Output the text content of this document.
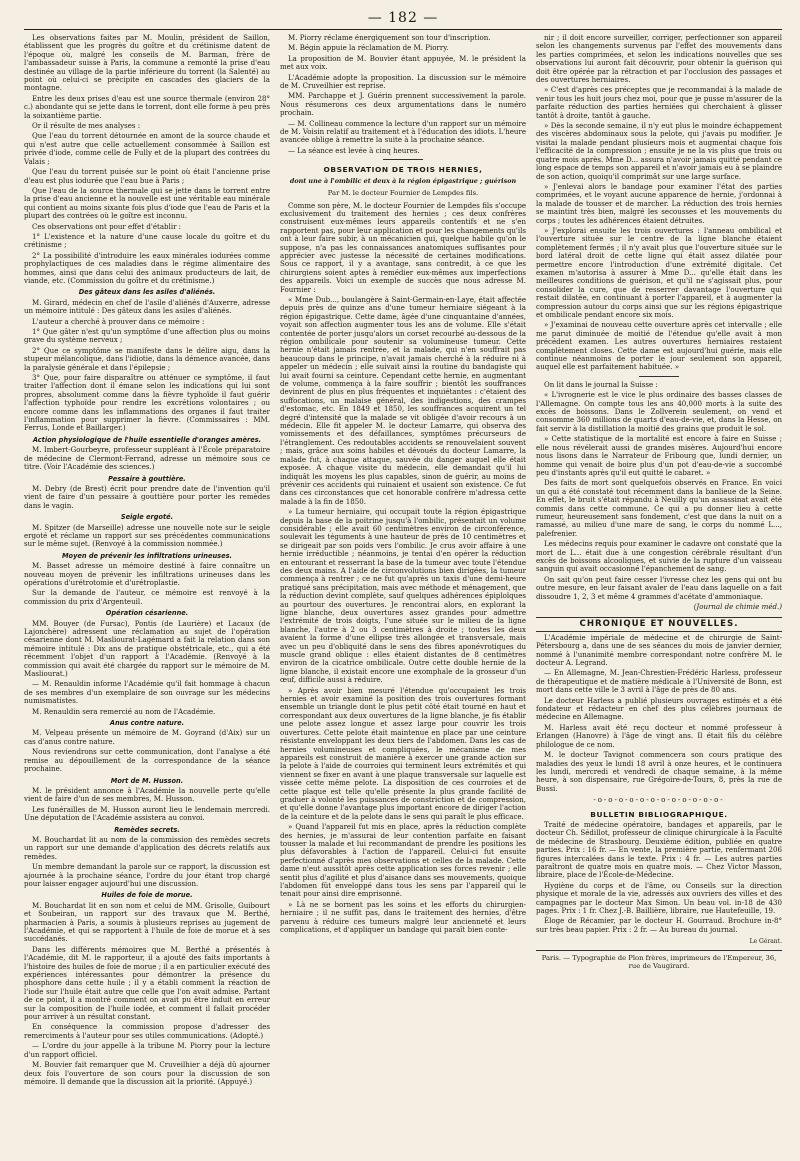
— 182 —

Les observations faites par M. Moulin, président de Saillon, établissent que les progrès du goître et du crétinisme datent de l'époque où, malgré les conseils de M. Barman, frère de l'ambassadeur suisse à Paris, la commune a remonté la prise d'eau destinée au village de la partie inférieure du torrent (la Salenté) au point où celui-ci se précipite en cascades des glaciers de la montagne.

Entre les deux prises d'eau est une source thermale (environ 28° c.) abondante qui se jette dans le torrent, dont elle forme à peu près la soixantième partie.

Or il résulte de mes analyses :

Que l'eau du torrent détournée en amont de la source chaude et qui n'est autre que celle actuellement consommée à Saillon est privée d'iode, comme celle de Fully et de la plupart des contrées du Valais ;

Que l'eau du torrent puisée sur le point où était l'ancienne prise d'eau est plus iodurée que l'eau bue à Paris ;

Que l'eau de la source thermale qui se jette dans le torrent entre la prise d'eau ancienne et la nouvelle est une véritable eau minérale qui contient au moins sixante fois plus d'iode que l'eau de Paris et la plupart des contrées où le goître est inconnu.

Ces observations ont pour effet d'établir :

1° L'existence et la nature d'une cause locale du goître et du crétinisme ;

2° La possibilité d'introduire les eaux minérales iodurées comme prophylactiques de ces maladies dans le régime alimentaire des hommes, ainsi que dans celui des animaux producteurs de lait, de viande, etc. (Commission du goître et du crétinisme.)

Des gâteux dans les asiles d'aliénés.

M. Girard, médecin en chef de l'asile d'aliénés d'Auxerre, adresse un mémoire intitulé : Des gâteux dans les asiles d'aliénés.

L'auteur a cherché à prouver dans ce mémoire :

1° Que gâter n'est qu'un symptôme d'une affection plus ou moins grave du système nerveux ;

2° Que ce symptôme se manifeste dans le délire aigu, dans la stupeur mélancolique, dans l'idiotie, dans la démence avancée, dans la paralysie générale et dans l'épilepsie ;

3° Que, pour faire disparaître ou atténuer ce symptôme, il faut traiter l'affection dont il émane selon les indications qui lui sont propres, absolument comme dans la fièvre typhoïde il faut guérir l'affection typhoïde pour rendre les excrétions volontaires ; ou encore comme dans les inflammations des organes il faut traiter l'inflammation pour supprimer la fièvre. (Commissaires : MM. Ferrus, Londe et Baillarger.)

Action physiologique de l'huile essentielle d'oranges amères.

M. Imbert-Gourbeyre, professeur suppléant à l'École préparatoire de médecine de Clermont-Ferrand, adresse un mémoire sous ce titre. (Voir l'Académie des sciences.)

Pessaire à gouttière.

M. Debry (de Brest) écrit pour prendre date de l'invention qu'il vient de faire d'un pessaire à gouttière pour porter les remèdes dans le vagin.

Seigle ergoté.

M. Spitzer (de Marseille) adresse une nouvelle note sur le seigle ergoté et réclame un rapport sur ses précédentes communications sur le même sujet. (Renvoyé à la commission nommée.)

Moyen de prévenir les infiltrations urineuses.

M. Basset adresse un mémoire destiné à faire connaître un nouveau moyen de prévenir les infiltrations urineuses dans les opérations d'urétrotomie et d'urétroplastie.

Sur la demande de l'auteur, ce mémoire est renvoyé à la commission du prix d'Argenteuil.

Opération césarienne.

MM. Bouyer (de Fursac), Pontis (de Laurière) et Lacaux (de Lajonchère) adressent une réclamation au sujet de l'opération césarienne dont M. Masliourat-Lagémard a fait la relation dans son mémoire intitulé : Dix ans de pratique obstétricale, etc., qui a été récemment l'objet d'un rapport à l'Académie. (Renvoyé à la commission qui avait été chargée du rapport sur le mémoire de M. Masliourat.)

— M. Renauldin informe l'Académie qu'il fait hommage à chacun de ses membres d'un exemplaire de son ouvrage sur les médecins numismatistes.

M. Renauldin sera remercié au nom de l'Académie.

Anus contre nature.

M. Velpeau présente un mémoire de M. Goyrand (d'Aix) sur un cas d'anus contre nature.

Nous reviendrons sur cette communication, dont l'analyse a été remise au dépouillement de la correspondance de la séance prochaine.

Mort de M. Husson.

M. le président annonce à l'Académie la nouvelle perte qu'elle vient de faire d'un de ses membres, M. Husson.

Les funérailles de M. Husson auront lieu le lendemain mercredi. Une députation de l'Académie assistera au convoi.

Remèdes secrets.

M. Bouchardat lit au nom de la commission des remèdes secrets un rapport sur une demande d'application des décrets relatifs aux remèdes.

Un membre demandant la parole sur ce rapport, la discussion est ajournée à la prochaine séance, l'ordre du jour étant trop chargé pour laisser engager aujourd'hui une discussion.

Huiles de foie de morue.

M. Bouchardat lit en son nom et celui de MM. Grisolle, Guibourt et Soubeiran, un rapport sur des travaux que M. Berthé, pharmacien à Paris, a soumis à plusieurs reprises au jugement de l'Académie, et qui se rapportent à l'huile de foie de morue et à ses succédanés.

Dans les différents mémoires que M. Berthé a présentés à l'Académie, dit M. le rapporteur, il a ajouté des faits importants à l'histoire des huiles de foie de morue ; il a en particulier exécuté des expériences intéressantes pour démontrer la présence du phosphore dans cette huile ; il y a établi comment la réaction de l'iode sur l'huile était autre que celle que l'on avait admise. Partant de ce point, il a montré comment on avait pu être induit en erreur sur la composition de l'huile iodée, et comment il fallait procéder pour arriver à un résultat constant.

En conséquence la commission propose d'adresser des remerciments à l'auteur pour ses utiles communications. (Adopté.)

— L'ordre du jour appelle à la tribune M. Piorry pour la lecture d'un rapport officiel.

M. Bouvier fait remarquer que M. Cruveilhier a déjà dû ajourner deux fois l'ouverture de son cours pour la discussion de son mémoire. Il demande que la discussion ait la priorité. (Appuyé.)

M. Piorry réclame énergiquement son tour d'inscription.

M. Bégin appuie la réclamation de M. Piorry.

La proposition de M. Bouvier étant appuyée, M. le président la met aux voix.

L'Académie adopte la proposition. La discussion sur le mémoire de M. Cruveilhier est reprise.

MM. Parchappe et J. Guérin prennent successivement la parole. Nous résumerons ces deux argumentations dans le numéro prochain.

— M. Collineau commence la lecture d'un rapport sur un mémoire de M. Voisin relatif au traitement et à l'éducation des idiots. L'heure avancée oblige à remettre la suite à la prochaine séance.

— La séance est levée à cinq heures.

OBSERVATION DE TROIS HERNIES,
dont une à l'ombilic et deux à la région épigastrique ; guérison
Par M. le docteur Fournier de Lempdes fils.

Comme son père, M. le docteur Fournier de Lempdes fils s'occupe exclusivement du traitement des hernies ; ces deux confrères construisent eux-mêmes leurs appareils contentifs et ne s'en rapportent pas, pour leur application et pour les changements qu'ils ont à leur faire subir, à un mécanicien qui, quelque habile qu'on le suppose, n'a pas les connaissances anatomiques suffisantes pour apprécier avec justesse la nécessité de certaines modifications. Sous ce rapport, il y a avantage, sans contredit, à ce que les chirurgiens soient aptes à remédier eux-mêmes aux imperfections des appareils. Voici un exemple de succès que nous adresse M. Fournier :

« Mme Dub..., boulangère à Saint-Germain-en-Laye, était affectée depuis près de quinze ans d'une tumeur herniaire siégeant à la région épigastrique. Cette dame, âgée d'une cinquantaine d'années, voyait son affection augmenter tous les ans de volume. Elle s'était contentée de porter jusqu'alors un corset recourbé au-dessous de la région ombilicale pour soutenir sa volumineuse tumeur. Cette hernie n'était jamais rentrée, et la malade, qui n'en souffrait pas beaucoup dans le principe, n'avait jamais cherché à la réduire ni à appeler un médecin ; elle suivait ainsi la routine du bandagiste qui lui avait fourni sa ceinture. Cependant cette hernie, en augmentant de volume, commença à la faire souffrir ; bientôt les souffrances devinrent de plus en plus fréquentes et inquiétantes : c'étaient des suffocations, un malaise général, des indigestions, des crampes d'estomac, etc. En 1849 et 1850, les souffrances acquirent un tel degré d'intensité que la malade se vit obligée d'avoir recours à un médecin. Elle fit appeler M. le docteur Lamarre, qui observa des vomissements et des défaillances, symptômes précurseurs de l'étranglement. Ces redoutables accidents se renouvelaient souvent ; mais, grâce aux soins habiles et dévoués du docteur Lamarre, la malade fut, à chaque attaque, sauvée du danger auquel elle était exposée. A chaque visite du médecin, elle demandait qu'il lui indiquât les moyens les plus capables, sinon de guérir, au moins de prévenir ces accidents qui ruinaient et usaient son existence. Ce fut dans ces circonstances que cet honorable confrère m'adressa cette malade à la fin de 1850.

» La tumeur herniaire, qui occupait toute la région épigastrique depuis la base de la poitrine jusqu'à l'ombilic, présentait un volume considérable ; elle avait 60 centimètres environ de circonférence, soulevait les téguments à une hauteur de près de 10 centimètres et se dirigeait par son poids vers l'ombilic. Je crus avoir affaire à une hernie irréductible ; néanmoins, je tentai d'en opérer la réduction en entourant et resserrant la base de la tumeur avec toute l'étendue des deux mains. A l'aide de circonvolutions bien dirigées, la tumeur commença à rentrer ; ce ne fut qu'après un taxis d'une demi-heure pratiqué sans précipitation, mais avec méthode et ménagement, que la réduction devint complète, sauf quelques adhérences épiploïques au pourtour des ouvertures. Je rencontrai alors, en explorant la ligne blanche, deux ouvertures assez grandes pour admettre l'extrémité de trois doigts, l'une située sur le milieu de la ligne blanche, l'autre à 2 ou 3 centimètres à droite ; toutes les deux avaient la forme d'une ellipse très allongée et transversale, mais avec un peu d'obliquité dans le sens des fibres aponévrotiques du muscle grand oblique : elles étaient distantes de 8 centimètres environ de la cicatrice ombilicale. Outre cette double hernie de la ligne blanche, il existait encore une exomphale de la grosseur d'un œuf, difficile aussi à réduire.

» Après avoir bien mesuré l'étendue qu'occupaient les trois hernies et avoir examiné la position des trois ouvertures formant ensemble un triangle dont le plus petit côté était tourné en haut et correspondant aux deux ouvertures de la ligne blanche, je fis établir une pelote assez longue et assez large pour couvrir les trois ouvertures. Cette pelote était maintenue en place par une ceinture résistante enveloppant les deux tiers de l'abdomen. Dans les cas de hernies volumineuses et compliquées, le mécanisme de mes appareils est construit de manière à exercer une grande action sur la pelote à l'aide de courroies qui terminent leurs extrémités et qui viennent se fixer en avant à une plaque transversale sur laquelle est vissée cette même pelote. La disposition de ces courroies et de cette plaque est telle qu'elle présente la plus grande facilité de graduer à volonté les puissances de constriction et de compression, et qu'elle donne l'avantage plus important encore de diriger l'action de la ceinture et de la pelote dans le sens qui paraît le plus efficace.

» Quand l'appareil fut mis en place, après la réduction complète des hernies, je m'assurai de leur contention parfaite en faisant tousser la malade et lui recommandant de prendre les positions les plus défavorables à l'action de l'appareil. Celui-ci fut ensuite perfectionné d'après mes observations et celles de la malade. Cette dame n'eut aussitôt après cette application ses forces revenir ; elle sentit plus d'agilité et plus d'aisance dans ses mouvements, quoique l'abdomen fût enveloppé dans tous les sens par l'appareil qui le tenait pour ainsi dire emprisonné.

» Là ne se bornent pas les soins et les efforts du chirurgien-herniaire ; il ne suffit pas, dans le traitement des hernies, d'être parvenu à réduire ces tumeurs malgré leur ancienneté et leurs complications, et d'appliquer un bandage qui paraît bien conte-

nir ; il doit encore surveiller, corriger, perfectionner son appareil selon les changements survenus par l'effet des mouvements dans les parties comprimées, et selon les indications nouvelles que ses observations lui auront fait découvrir, pour obtenir la guérison qui doit être opérée par la rétraction et par l'occlusion des passages et des ouvertures herniaires.

» C'est d'après ces préceptes que je recommandai à la malade de venir tous les huit jours chez moi, pour que je pusse m'assurer de la parfaite réduction des parties herniées qui cherchaient à glisser tantôt à droite, tantôt à gauche.

» Dès la seconde semaine, il n'y eut plus le moindre échappement des viscères abdominaux sous la pelote, qui j'avais pu modifier. Je visitai la malade pendant plusieurs mois et augmentai chaque fois l'efficacité de la compression ; ensuite je ne la vis plus que trois ou quatre mois après. Mme D... assura n'avoir jamais quitté pendant ce long espace de temps son appareil et n'avoir jamais eu à se plaindre de son action, quoiqu'il comprimât sur une large surface.

» J'enlevai alors le bandage pour examiner l'état des parties comprimées, et le voyant aucune apparence de hernie, j'ordonnai à la malade de tousser et de marcher. La réduction des trois hernies se maintint très bien, malgré les secousses et les mouvements du corps ; toutes les adhérences étaient détruites.

» J'explorai ensuite les trois ouvertures : l'anneau ombilical et l'ouverture située sur le centre de la ligne blanche étaient complètement fermés ; il n'y avait plus que l'ouverture située sur le bord latéral droit de cette ligne qui était assez dilatée pour permettre encore l'introduction d'une extrémité digitale. Cet examen m'autorisa à assurer à Mme D... qu'elle était dans les meilleures conditions de guérison, et qu'il ne s'agissait plus, pour consolider la cure, que de resserrer davantage l'ouverture qui restait dilatée, en continuant à porter l'appareil, et à augmenter la compression autour du corps ainsi que sur les régions épigastrique et ombilicale pendant encore six mois.

» J'examinai de nouveau cette ouverture après cet intervalle ; elle me parut diminuée de moitié de l'étendue qu'elle avait à mon précédent examen. Les autres ouvertures herniaires restaient complètement closes. Cette dame est aujourd'hui guérie, mais elle continue néanmoins de porter le jour seulement son appareil, auquel elle est parfaitement habituée. »

On lit dans le journal la Suisse :

« L'ivrognerie est le vice le plus ordinaire des basses classes de l'Allemagne. On compte tous les ans 40,000 morts à la suite des excès de boissons. Dans le Zollverein seulement, on vend et consomme 360 millions de quarts d'eau-de-vie, et, dans la Hesse, on fait servir à la distillation la moitié des grains que produit le sol.

» Cette statistique de la mortalité est encore à faire en Suisse ; elle nous révélerait aussi de grandes misères. Aujourd'hui encore nous lisons dans le Narrateur de Fribourg que, lundi dernier, un homme qui venait de boire plus d'un pot d'eau-de-vie a succombé peu d'instants après qu'il eut quitté le cabaret. »

Des faits de mort sont quelquefois observés en France. En voici un qui a été constaté tout récemment dans la banlieue de la Seine. En effet, le bruit s'était répandu à Neuilly qu'un assassinat avait été commis dans cette commune. Ce qui a pu donner lieu à cette rumeur, heureusement sans fondement, c'est que dans la nuit on a ramassé, au milieu d'une mare de sang, le corps du nommé L..., palefrenier.

Les médecins requis pour examiner le cadavre ont constaté que la mort de L... était due à une congestion cérébrale résultant d'un excès de boissons alcooliques, et suivie de la rupture d'un vaisseau sanguin qui avait occasionné l'épanchement de sang.

On sait qu'on peut faire cesser l'ivresse chez les gens qui ont bu outre mesure, en leur faisant avaler de l'eau dans laquelle on a fait dissoudre 1, 2, 3 et même 4 grammes d'acétate d'ammoniaque.

(Journal de chimie méd.)

CHRONIQUE ET NOUVELLES.

L'Académie impériale de médecine et de chirurgie de Saint-Pétersbourg a, dans une de ses séances du mois de janvier dernier, nommé à l'unanimité membre correspondant notre confrère M. le docteur A. Legrand.

— En Allemagne, M. Jean-Chrestien-Frédéric Harless, professeur de thérapeutique et de matière médicale à l'Université de Bonn, est mort dans cette ville le 3 avril à l'âge de près de 80 ans.

Le docteur Harless a publié plusieurs ouvrages estimés et a été fondateur et rédacteur en chef des plus célèbres journaux de médecine en Allemagne.

M. Harless avait été reçu docteur et nommé professeur à Erlangen (Hanovre) à l'âge de vingt ans. Il était fils du célèbre philologue de ce nom.

M. le docteur Tavignot commencera son cours pratique des maladies des yeux le lundi 18 avril à onze heures, et le continuera les lundi, mercredi et vendredi de chaque semaine, à la même heure, à son dispensaire, rue Grégoire-de-Tours, 8, près la rue de Bussi.

-o-o-o-o-o-o-o-o-o-o-o-o-
BULLETIN BIBLIOGRAPHIQUE.

Traité de médecine opératoire, bandages et appareils, par le docteur Ch. Sédillot, professeur de clinique chirurgicale à la Faculté de médecine de Strasbourg. Deuxième édition, publiée en quatre parties. Prix : 16 fr. — En vente, la première partie, renfermant 206 figures intercalées dans le texte. Prix : 4 fr. — Les autres parties paraîtront de quatre mois en quatre mois. — Chez Victor Masson, libraire, place de l'École-de-Médecine.

Hygiène du corps et de l'âme, ou Conseils sur la direction physique et morale de la vie, adressés aux ouvriers des villes et des campagnes par le docteur Max Simon. Un beau vol. in-18 de 430 pages. Prix : 1 fr. Chez J.-B. Baillière, libraire, rue Hautefeuille, 19.

Éloge de Récamier, par le docteur H. Gourraud. Brochure in-8° sur très beau papier. Prix : 2 fr. — Au bureau du journal.

Le Gérant.
Paris. — Typographie de Plon frères, imprimeurs de l'Empereur, 36, rue de Vaugirard.
